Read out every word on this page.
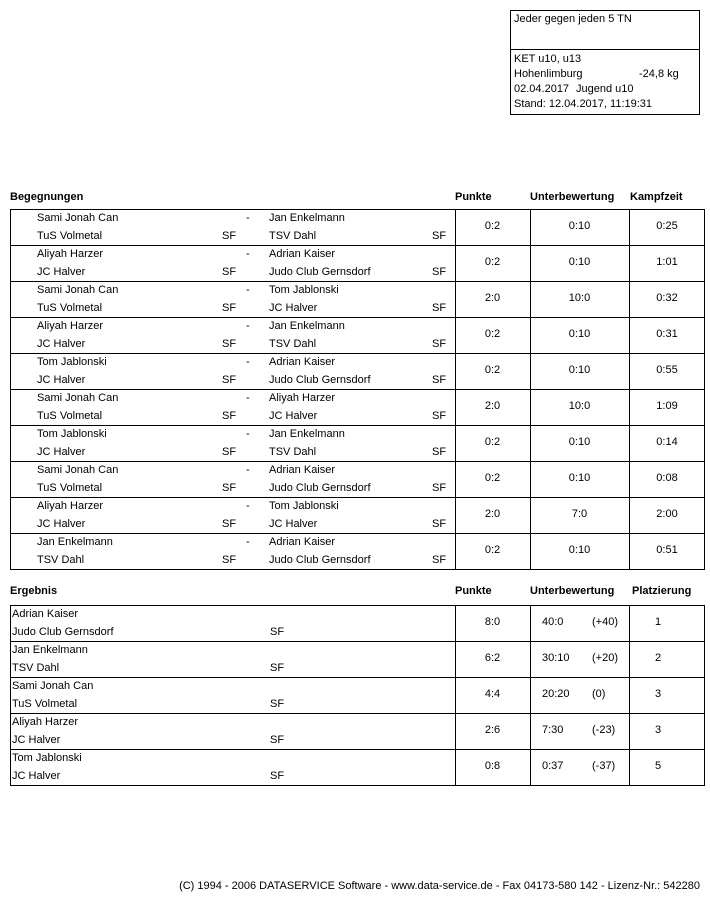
Jeder gegen jeden 5 TN
KET u10, u13
Hohenlimburg	-24,8 kg
02.04.2017 Jugend u10
Stand: 12.04.2017, 11:19:31
Begegnungen	Punkte	Unterbewertung Kampfzeit
Sami Jonah Can
TuS Volmetal	SF
- Jan Enkelmann
TSV Dahl	SF
0:2	0:10	0:25
Aliyah Harzer
JC Halver	SF
- Adrian Kaiser
Judo Club Gernsdorf	SF
0:2	0:10	1:01
Sami Jonah Can
TuS Volmetal	SF
- Tom Jablonski
JC Halver	SF
2:0	10:0	0:32
Aliyah Harzer
JC Halver	SF
- Jan Enkelmann
TSV Dahl	SF
0:2	0:10	0:31
Tom Jablonski
JC Halver	SF
- Adrian Kaiser
Judo Club Gernsdorf	SF
0:2	0:10	0:55
Sami Jonah Can
TuS Volmetal	SF
- Aliyah Harzer
JC Halver	SF
2:0	10:0	1:09
Tom Jablonski
JC Halver	SF
- Jan Enkelmann
TSV Dahl	SF
0:2	0:10	0:14
Sami Jonah Can
TuS Volmetal	SF
- Adrian Kaiser
Judo Club Gernsdorf	SF
0:2	0:10	0:08
Aliyah Harzer
JC Halver	SF
- Tom Jablonski
JC Halver	SF
2:0	7:0	2:00
Jan Enkelmann
TSV Dahl	SF
- Adrian Kaiser
Judo Club Gernsdorf	SF
0:2	0:10	0:51
Ergebnis	Punkte	Unterbewertung Platzierung
Adrian Kaiser
Judo Club Gernsdorf	SF
8:0	40:0	(+40)	1
Jan Enkelmann
TSV Dahl	SF
6:2	30:10 (+20)	2
Sami Jonah Can
TuS Volmetal	SF
4:4	20:20 (0)	3
Aliyah Harzer
JC Halver	SF
2:6	7:30	(-23)	3
Tom Jablonski
JC Halver	SF
0:8	0:37	(-37)	5
(C) 1994 - 2006 DATASERVICE Software - www.data-service.de - Fax 04173-580 142 - Lizenz-Nr.: 542280
